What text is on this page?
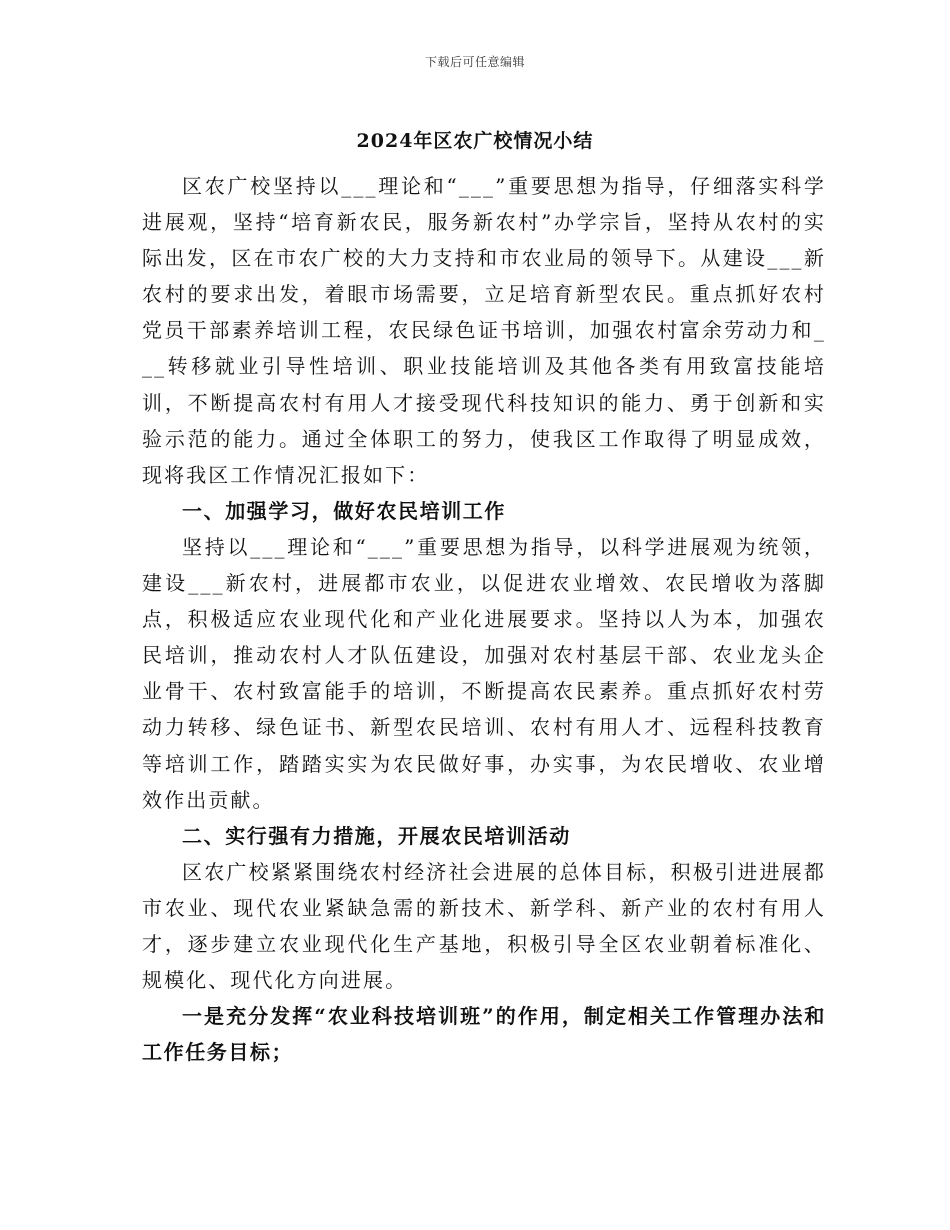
下载后可任意编辑
2024年区农广校情况小结

区农广校坚持以___理论和“___”重要思想为指导，仔细落实科学进展观，坚持“培育新农民，服务新农村”办学宗旨，坚持从农村的实际出发，区在市农广校的大力支持和市农业局的领导下。从建设___新农村的要求出发，着眼市场需要，立足培育新型农民。重点抓好农村党员干部素养培训工程，农民绿色证书培训，加强农村富余劳动力和___转移就业引导性培训、职业技能培训及其他各类有用致富技能培训，不断提高农村有用人才接受现代科技知识的能力、勇于创新和实验示范的能力。通过全体职工的努力，使我区工作取得了明显成效，现将我区工作情况汇报如下：

一、加强学习，做好农民培训工作

坚持以___理论和“___”重要思想为指导，以科学进展观为统领，建设___新农村，进展都市农业，以促进农业增效、农民增收为落脚点，积极适应农业现代化和产业化进展要求。坚持以人为本，加强农民培训，推动农村人才队伍建设，加强对农村基层干部、农业龙头企业骨干、农村致富能手的培训，不断提高农民素养。重点抓好农村劳动力转移、绿色证书、新型农民培训、农村有用人才、远程科技教育等培训工作，踏踏实实为农民做好事，办实事，为农民增收、农业增效作出贡献。

二、实行强有力措施，开展农民培训活动

区农广校紧紧围绕农村经济社会进展的总体目标，积极引进进展都市农业、现代农业紧缺急需的新技术、新学科、新产业的农村有用人才，逐步建立农业现代化生产基地，积极引导全区农业朝着标准化、规模化、现代化方向进展。

一是充分发挥“农业科技培训班”的作用，制定相关工作管理办法和工作任务目标；
